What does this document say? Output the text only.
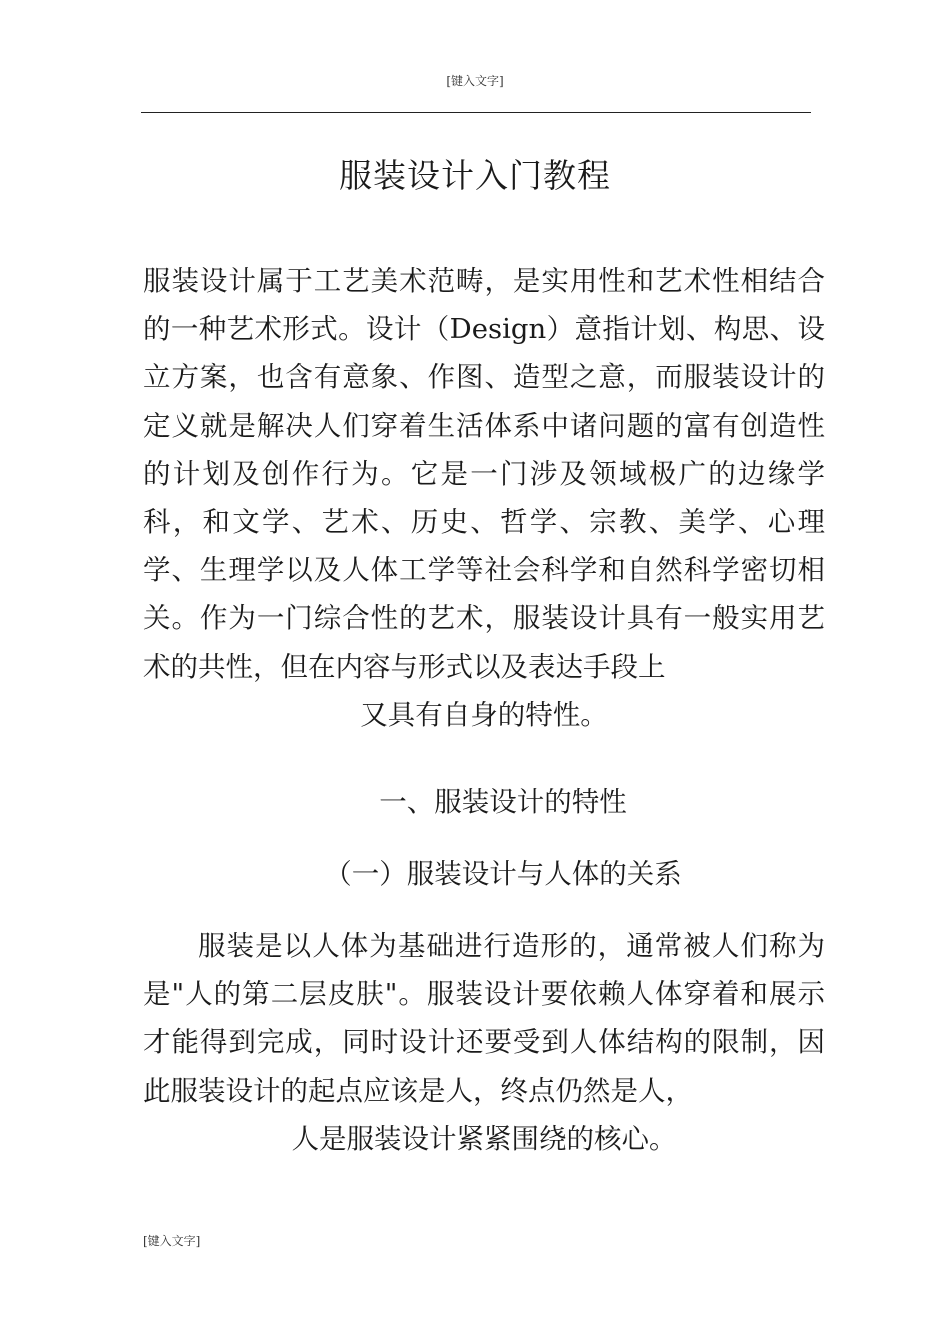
[键入文字]
服装设计入门教程
服装设计属于工艺美术范畴，是实用性和艺术性相结合的一种艺术形式。设计（Design）意指计划、构思、设立方案，也含有意象、作图、造型之意，而服装设计的定义就是解决人们穿着生活体系中诸问题的富有创造性的计划及创作行为。它是一门涉及领域极广的边缘学科，和文学、艺术、历史、哲学、宗教、美学、心理学、生理学以及人体工学等社会科学和自然科学密切相关。作为一门综合性的艺术，服装设计具有一般实用艺术的共性，但在内容与形式以及表达手段上
又具有自身的特性。
一、服装设计的特性
（一）服装设计与人体的关系
服装是以人体为基础进行造形的，通常被人们称为是"人的第二层皮肤"。服装设计要依赖人体穿着和展示才能得到完成，同时设计还要受到人体结构的限制，因此服装设计的起点应该是人，终点仍然是人，
人是服装设计紧紧围绕的核心。
[键入文字]
